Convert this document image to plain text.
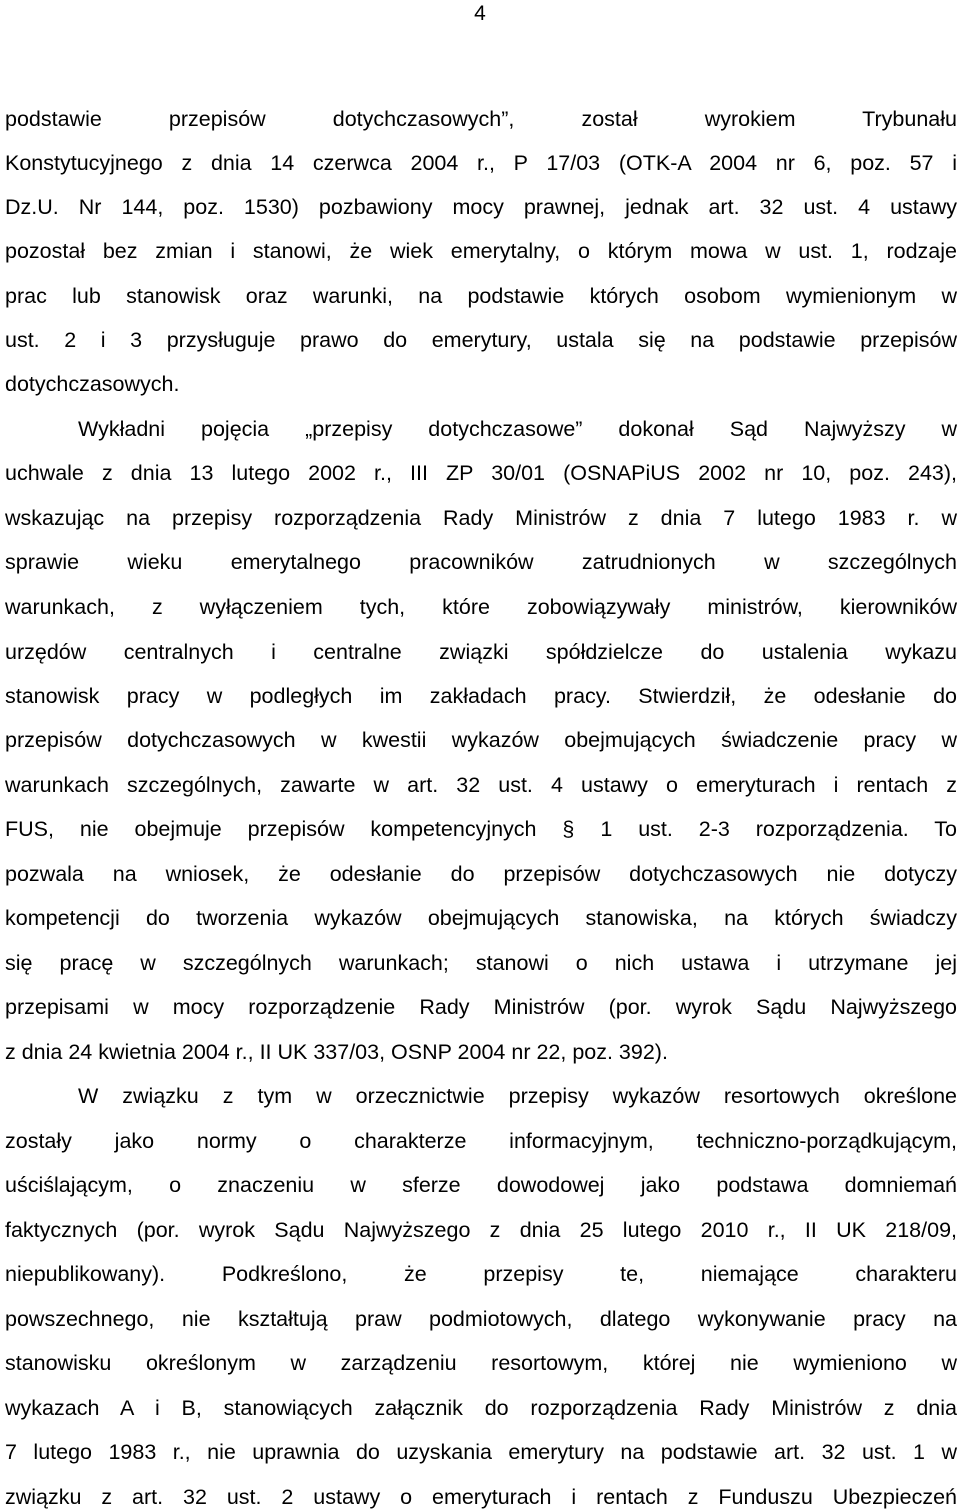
4
podstawie przepisów dotychczasowych”, został wyrokiem Trybunału
Konstytucyjnego z dnia 14 czerwca 2004 r., P 17/03 (OTK-A 2004 nr 6, poz. 57 i
Dz.U. Nr 144, poz. 1530) pozbawiony mocy prawnej, jednak art. 32 ust. 4 ustawy
pozostał bez zmian i stanowi, że wiek emerytalny, o którym mowa w ust. 1, rodzaje
prac lub stanowisk oraz warunki, na podstawie których osobom wymienionym w
ust. 2 i 3 przysługuje prawo do emerytury, ustala się na podstawie przepisów
dotychczasowych.
Wykładni pojęcia „przepisy dotychczasowe” dokonał Sąd Najwyższy w
uchwale z dnia 13 lutego 2002 r., III ZP 30/01 (OSNAPiUS 2002 nr 10, poz. 243),
wskazując na przepisy rozporządzenia Rady Ministrów z dnia 7 lutego 1983 r. w
sprawie wieku emerytalnego pracowników zatrudnionych w szczególnych
warunkach, z wyłączeniem tych, które zobowiązywały ministrów, kierowników
urzędów centralnych i centralne związki spółdzielcze do ustalenia wykazu
stanowisk pracy w podległych im zakładach pracy. Stwierdził, że odesłanie do
przepisów dotychczasowych w kwestii wykazów obejmujących świadczenie pracy w
warunkach szczególnych, zawarte w art. 32 ust. 4 ustawy o emeryturach i rentach z
FUS, nie obejmuje przepisów kompetencyjnych § 1 ust. 2-3 rozporządzenia. To
pozwala na wniosek, że odesłanie do przepisów dotychczasowych nie dotyczy
kompetencji do tworzenia wykazów obejmujących stanowiska, na których świadczy
się pracę w szczególnych warunkach; stanowi o nich ustawa i utrzymane jej
przepisami w mocy rozporządzenie Rady Ministrów (por. wyrok Sądu Najwyższego
z dnia 24 kwietnia 2004 r., II UK 337/03, OSNP 2004 nr 22, poz. 392).
W związku z tym w orzecznictwie przepisy wykazów resortowych określone
zostały jako normy o charakterze informacyjnym, techniczno-porządkującym,
uściślającym, o znaczeniu w sferze dowodowej jako podstawa domniemań
faktycznych (por. wyrok Sądu Najwyższego z dnia 25 lutego 2010 r., II UK 218/09,
niepublikowany). Podkreślono, że przepisy te, niemające charakteru
powszechnego, nie kształtują praw podmiotowych, dlatego wykonywanie pracy na
stanowisku określonym w zarządzeniu resortowym, której nie wymieniono w
wykazach A i B, stanowiących załącznik do rozporządzenia Rady Ministrów z dnia
7 lutego 1983 r., nie uprawnia do uzyskania emerytury na podstawie art. 32 ust. 1 w
związku z art. 32 ust. 2 ustawy o emeryturach i rentach z Funduszu Ubezpieczeń
